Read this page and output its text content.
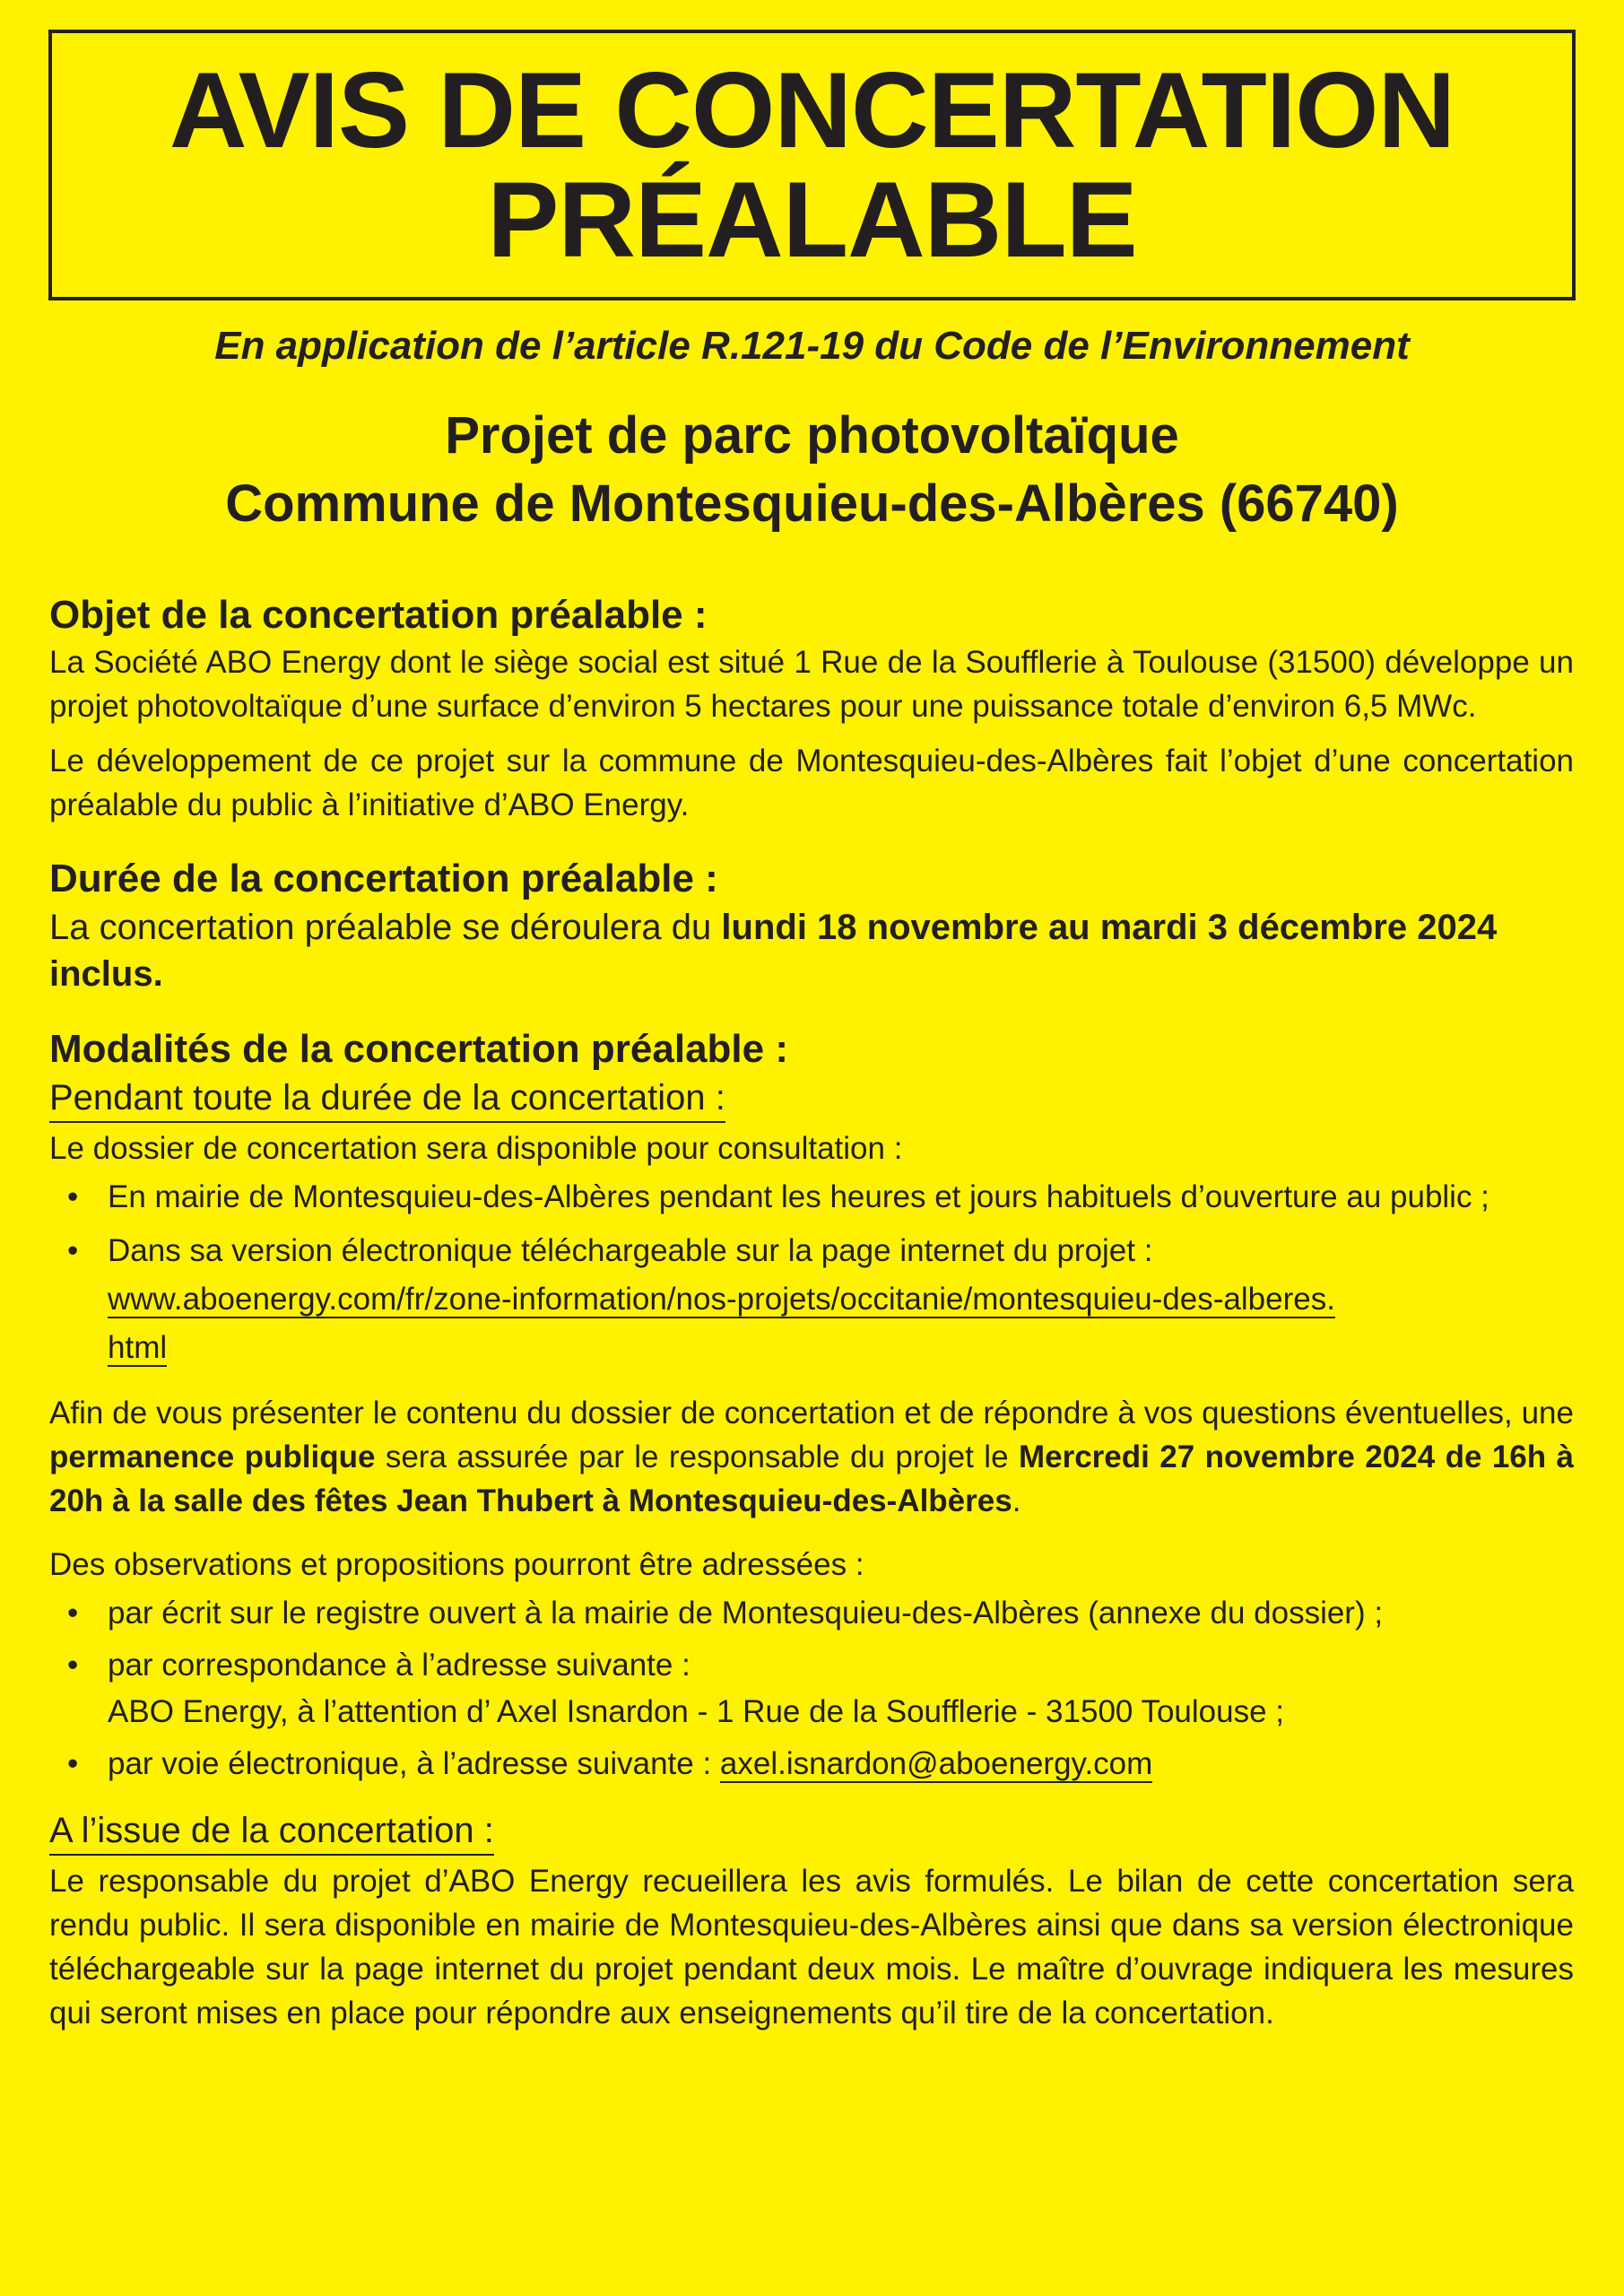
AVIS DE CONCERTATION
PRÉALABLE
En application de l’article R.121-19 du Code de l’Environnement
Projet de parc photovoltaïque
Commune de Montesquieu-des-Albères (66740)
Objet de la concertation préalable :

La Société ABO Energy dont le siège social est situé 1 Rue de la Soufflerie à Toulouse (31500) développe un projet photovoltaïque d’une surface d’environ 5 hectares pour une puissance totale d’environ 6,5 MWc.

Le développement de ce projet sur la commune de Montesquieu-des-Albères fait l’objet d’une concertation préalable du public à l’initiative d’ABO Energy.

Durée de la concertation préalable :

La concertation préalable se déroulera du lundi 18 novembre au mardi 3 décembre 2024 inclus.

Modalités de la concertation préalable :
Pendant toute la durée de la concertation :

Le dossier de concertation sera disponible pour consultation :

• En mairie de Montesquieu-des-Albères pendant les heures et jours habituels d’ouverture au public ;
• Dans sa version électronique téléchargeable sur la page internet du projet :
www.aboenergy.com/fr/zone-information/nos-projets/occitanie/montesquieu-des-alberes.
html

Afin de vous présenter le contenu du dossier de concertation et de répondre à vos questions éventuelles, une permanence publique sera assurée par le responsable du projet le Mercredi 27 novembre 2024 de 16h à 20h à la salle des fêtes Jean Thubert à Montesquieu-des-Albères.

Des observations et propositions pourront être adressées :

• par écrit sur le registre ouvert à la mairie de Montesquieu-des-Albères (annexe du dossier) ;
• par correspondance à l’adresse suivante :
ABO Energy, à l’attention d’ Axel Isnardon - 1 Rue de la Soufflerie - 31500 Toulouse ;
• par voie électronique, à l’adresse suivante : axel.isnardon@aboenergy.com
A l’issue de la concertation :

Le responsable du projet d’ABO Energy recueillera les avis formulés. Le bilan de cette concertation sera rendu public. Il sera disponible en mairie de Montesquieu-des-Albères ainsi que dans sa version électronique téléchargeable sur la page internet du projet pendant deux mois. Le maître d’ouvrage indiquera les mesures qui seront mises en place pour répondre aux enseignements qu’il tire de la concertation.
